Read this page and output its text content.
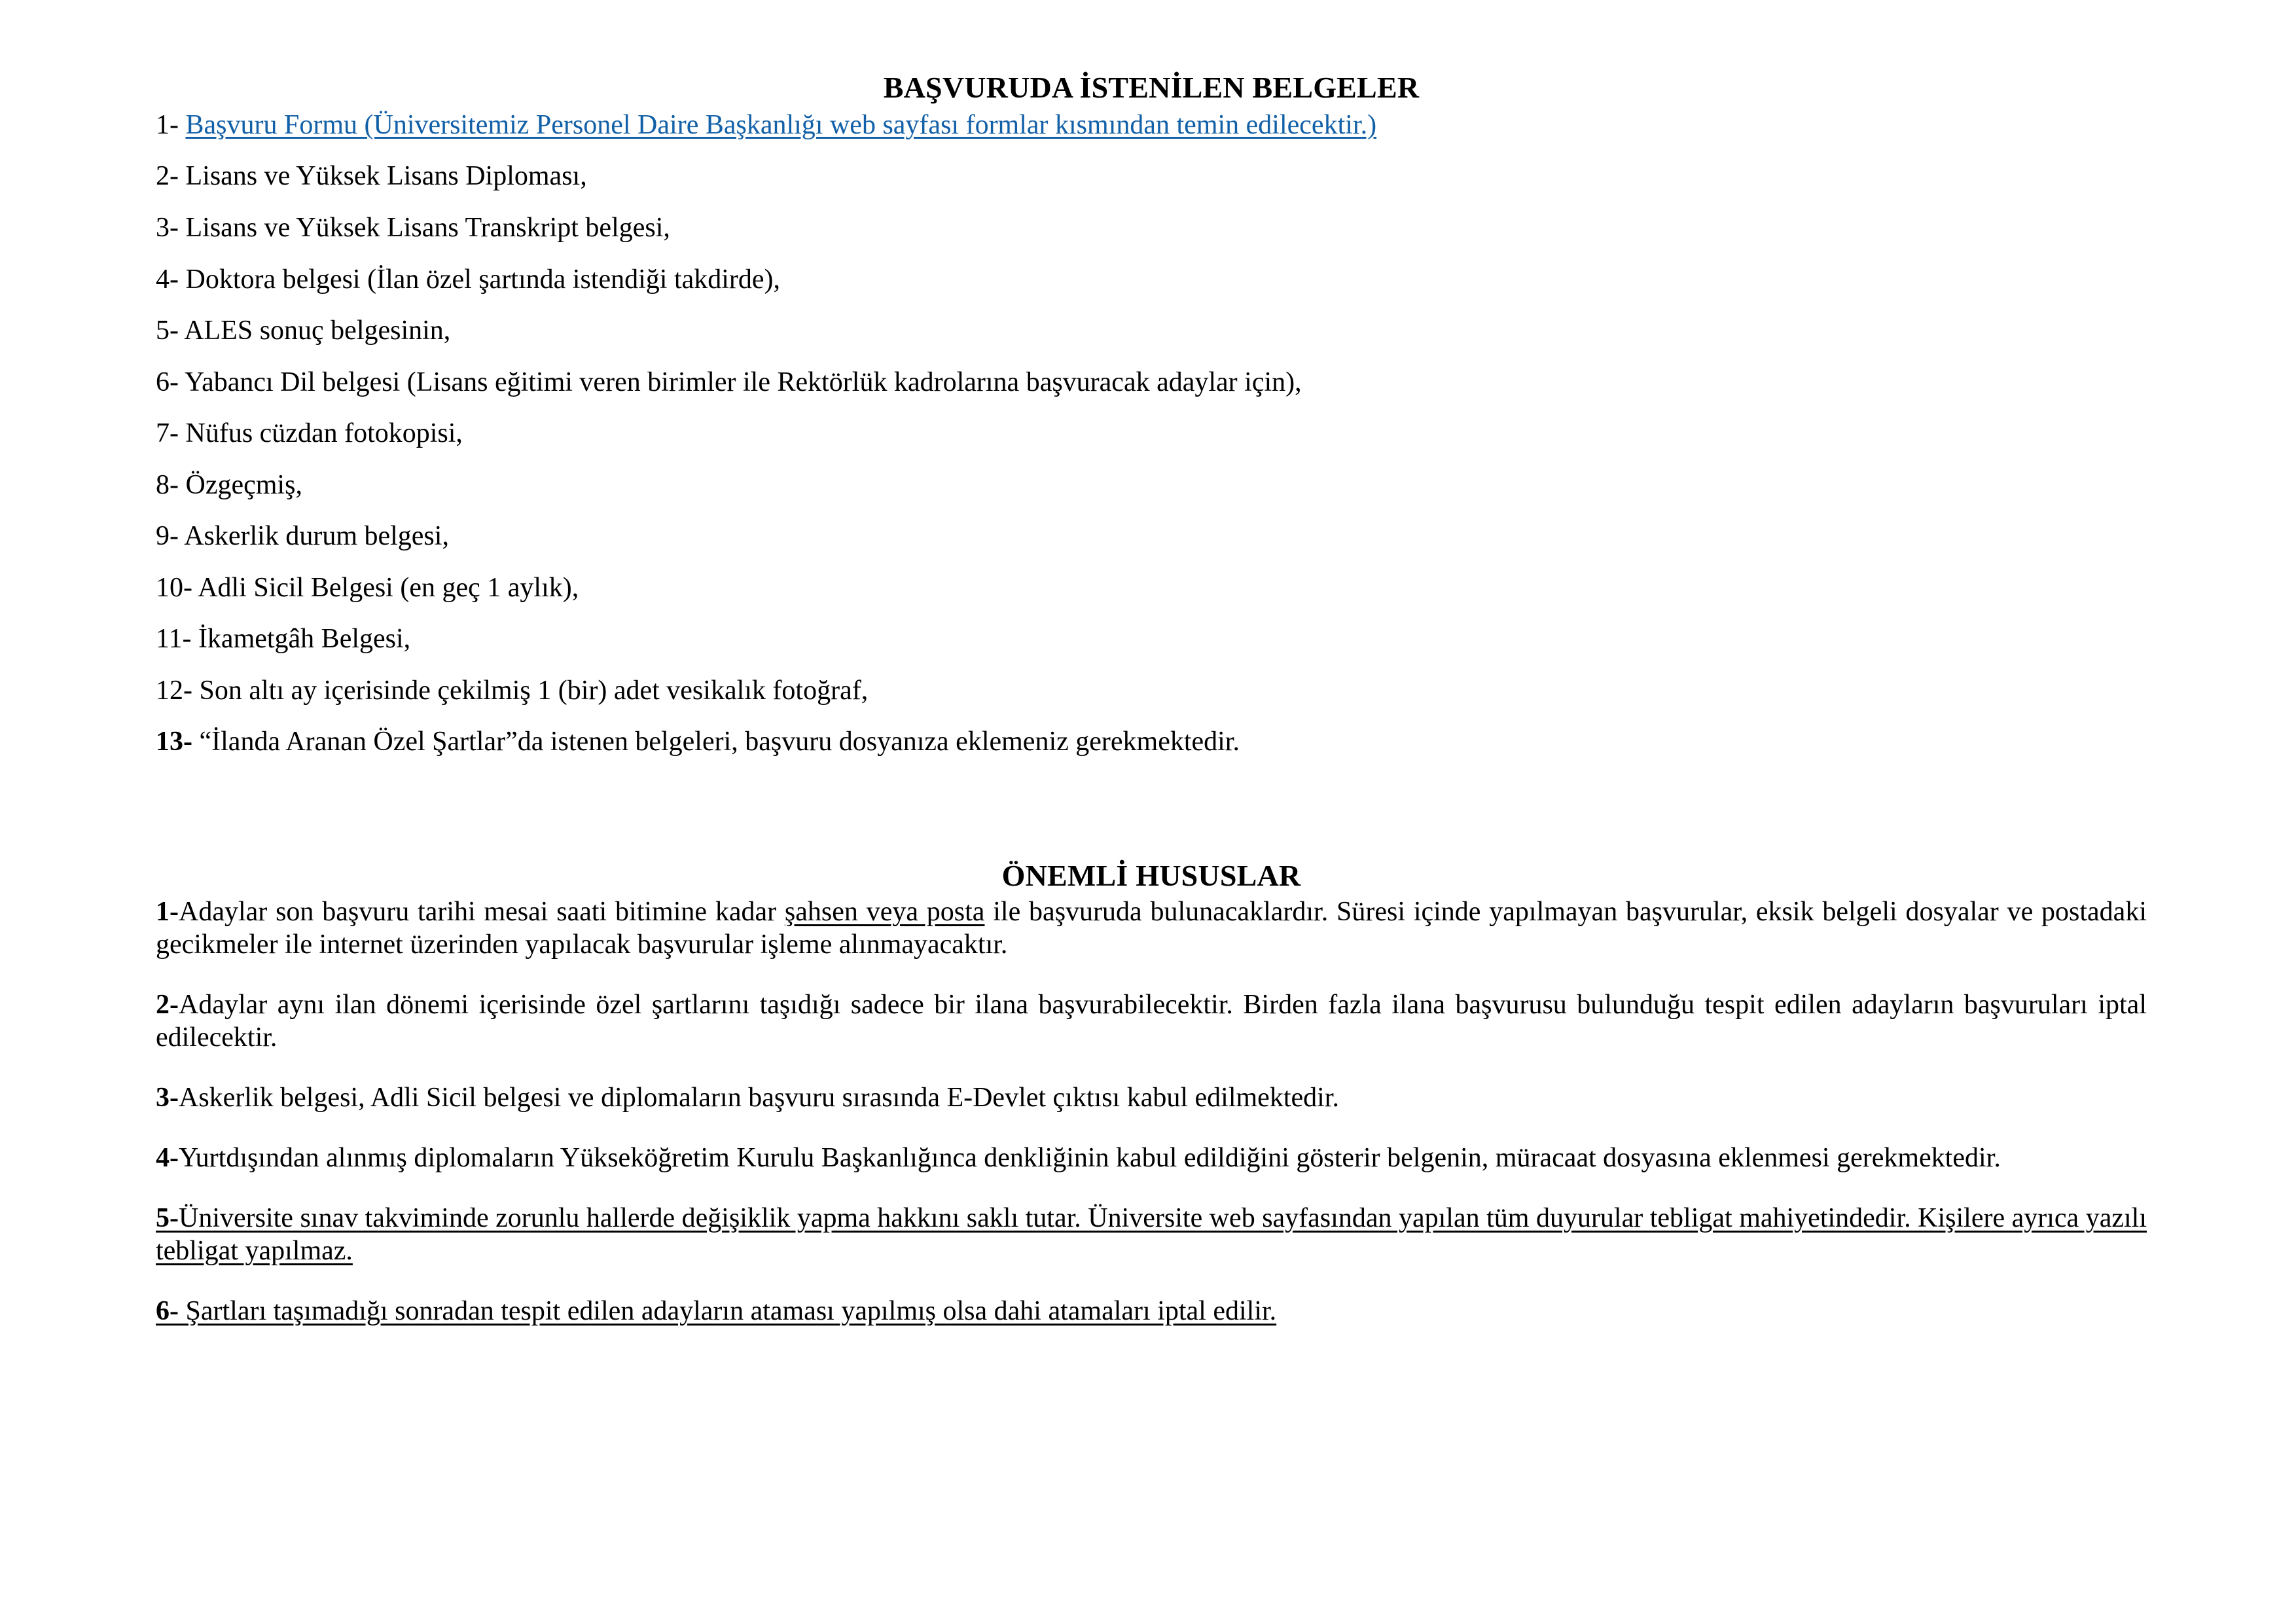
BAŞVURUDA İSTENİLEN BELGELER
1- Başvuru Formu (Üniversitemiz Personel Daire Başkanlığı web sayfası formlar kısmından temin edilecektir.)
2- Lisans ve Yüksek Lisans Diploması,
3- Lisans ve Yüksek Lisans Transkript belgesi,
4- Doktora belgesi (İlan özel şartında istendiği takdirde),
5- ALES sonuç belgesinin,
6- Yabancı Dil belgesi (Lisans eğitimi veren birimler ile Rektörlük kadrolarına başvuracak adaylar için),
7- Nüfus cüzdan fotokopisi,
8- Özgeçmiş,
9- Askerlik durum belgesi,
10- Adli Sicil Belgesi (en geç 1 aylık),
11- İkametgâh Belgesi,
12- Son altı ay içerisinde çekilmiş 1 (bir) adet vesikalık fotoğraf,
13- “İlanda Aranan Özel Şartlar”da istenen belgeleri, başvuru dosyanıza eklemeniz gerekmektedir.
ÖNEMLİ HUSUSLAR

1-Adaylar son başvuru tarihi mesai saati bitimine kadar şahsen veya posta ile başvuruda bulunacaklardır. Süresi içinde yapılmayan başvurular, eksik belgeli dosyalar ve postadaki gecikmeler ile internet üzerinden yapılacak başvurular işleme alınmayacaktır.

2-Adaylar aynı ilan dönemi içerisinde özel şartlarını taşıdığı sadece bir ilana başvurabilecektir. Birden fazla ilana başvurusu bulunduğu tespit edilen adayların başvuruları iptal edilecektir.

3-Askerlik belgesi, Adli Sicil belgesi ve diplomaların başvuru sırasında E-Devlet çıktısı kabul edilmektedir.

4-Yurtdışından alınmış diplomaların Yükseköğretim Kurulu Başkanlığınca denkliğinin kabul edildiğini gösterir belgenin, müracaat dosyasına eklenmesi gerekmektedir.

5-Üniversite sınav takviminde zorunlu hallerde değişiklik yapma hakkını saklı tutar. Üniversite web sayfasından yapılan tüm duyurular tebligat mahiyetindedir. Kişilere ayrıca yazılı tebligat yapılmaz.

6- Şartları taşımadığı sonradan tespit edilen adayların ataması yapılmış olsa dahi atamaları iptal edilir.
